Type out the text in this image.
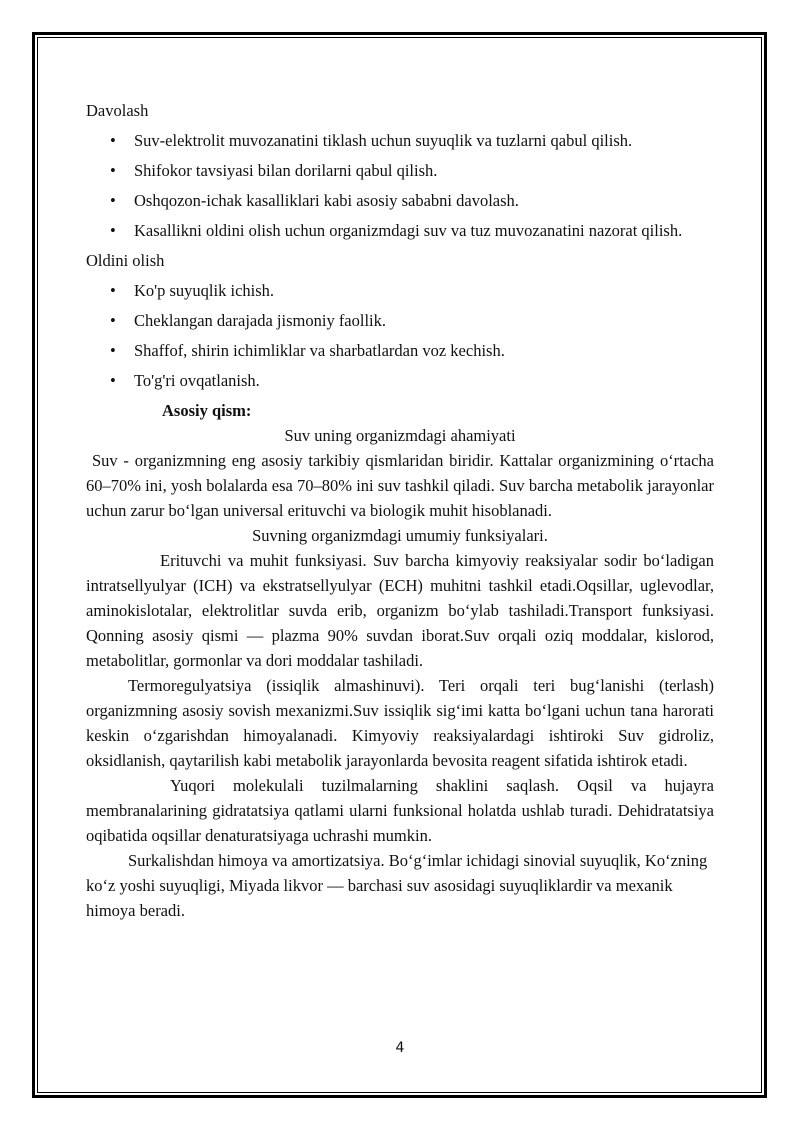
Davolash

• Suv-elektrolit muvozanatini tiklash uchun suyuqlik va tuzlarni qabul qilish.
• Shifokor tavsiyasi bilan dorilarni qabul qilish.
• Oshqozon-ichak kasalliklari kabi asosiy sababni davolash.
• Kasallikni oldini olish uchun organizmdagi suv va tuz muvozanatini nazorat qilish.

Oldini olish

• Ko'p suyuqlik ichish.
• Cheklangan darajada jismoniy faollik.
• Shaffof, shirin ichimliklar va sharbatlardan voz kechish.
• To'g'ri ovqatlanish.

Asosiy qism:

Suv uning organizmdagi ahamiyati

Suv - organizmning eng asosiy tarkibiy qismlaridan biridir. Kattalar organizmining o‘rtacha 60–70% ini, yosh bolalarda esa 70–80% ini suv tashkil qiladi. Suv barcha metabolik jarayonlar uchun zarur bo‘lgan universal erituvchi va biologik muhit hisoblanadi.

Suvning organizmdagi umumiy funksiyalari.

Erituvchi va muhit funksiyasi. Suv barcha kimyoviy reaksiyalar sodir bo‘ladigan intratsellyulyar (ICH) va ekstratsellyulyar (ECH) muhitni tashkil etadi.Oqsillar, uglevodlar, aminokislotalar, elektrolitlar suvda erib, organizm bo‘ylab tashiladi.Transport funksiyasi. Qonning asosiy qismi — plazma 90% suvdan iborat.Suv orqali oziq moddalar, kislorod, metabolitlar, gormonlar va dori moddalar tashiladi.

Termoregulyatsiya (issiqlik almashinuvi). Teri orqali teri bug‘lanishi (terlash) organizmning asosiy sovish mexanizmi.Suv issiqlik sig‘imi katta bo‘lgani uchun tana harorati keskin o‘zgarishdan himoyalanadi. Kimyoviy reaksiyalardagi ishtiroki Suv gidroliz, oksidlanish, qaytarilish kabi metabolik jarayonlarda bevosita reagent sifatida ishtirok etadi.

Yuqori molekulali tuzilmalarning shaklini saqlash. Oqsil va hujayra membranalarining gidratatsiya qatlami ularni funksional holatda ushlab turadi. Dehidratatsiya oqibatida oqsillar denaturatsiyaga uchrashi mumkin.

Surkalishdan himoya va amortizatsiya. Bo‘g‘imlar ichidagi sinovial suyuqlik, Ko‘zning ko‘z yoshi suyuqligi, Miyada likvor — barchasi suv asosidagi suyuqliklardir va mexanik himoya beradi.

4
